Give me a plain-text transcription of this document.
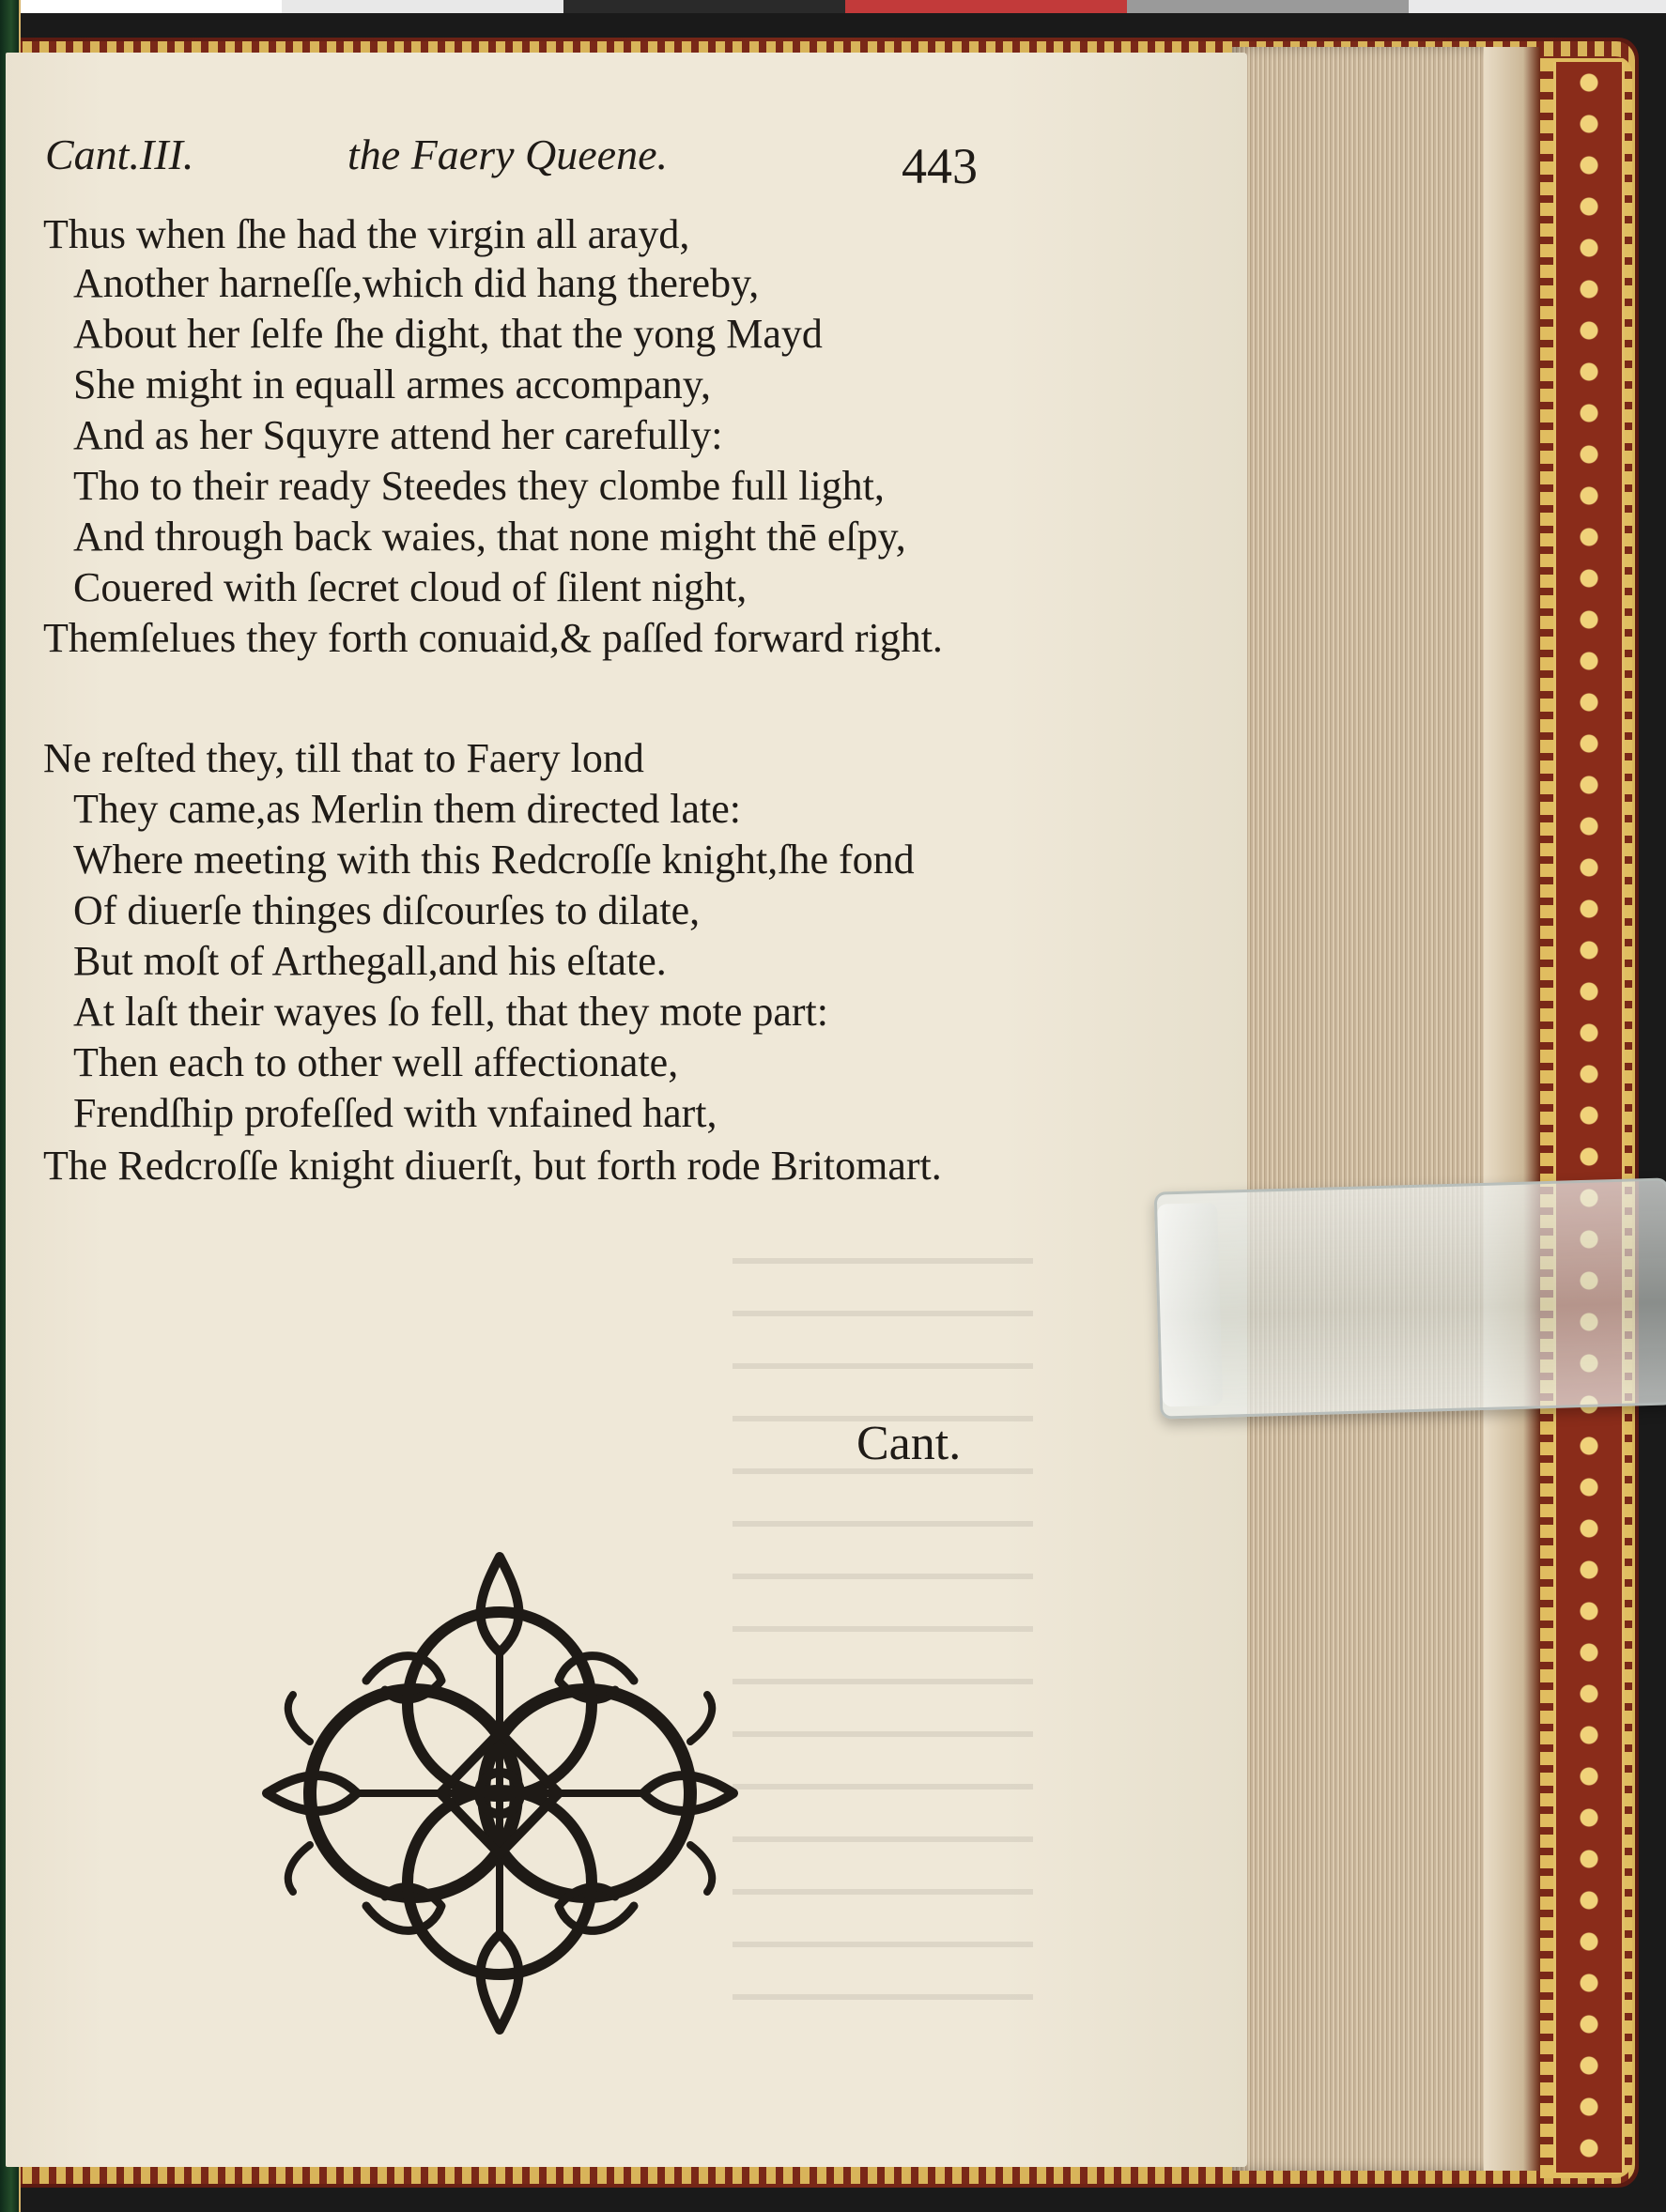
Cant.III.	the Faery Queene.	443
Thus when ſhe had the virgin all arayd,
Another harneſſe,which did hang thereby,
About her ſelfe ſhe dight, that the yong Mayd
She might in equall armes accompany,
And as her Squyre attend her carefully:
Tho to their ready Steedes they clombe full light,
And through back waies, that none might thē eſpy,
Couered with ſecret cloud of ſilent night,
Themſelues they forth conuaid,& paſſed forward right.
Ne reſted they, till that to Faery lond
They came,as Merlin them directed late:
Where meeting with this Redcroſſe knight,ſhe fond
Of diuerſe thinges diſcourſes to dilate,
But moſt of Arthegall,and his eſtate.
At laſt their wayes ſo fell, that they mote part:
Then each to other well affectionate,
Frendſhip profeſſed with vnfained hart,
The Redcroſſe knight diuerſt, but forth rode Britomart.
Cant.
